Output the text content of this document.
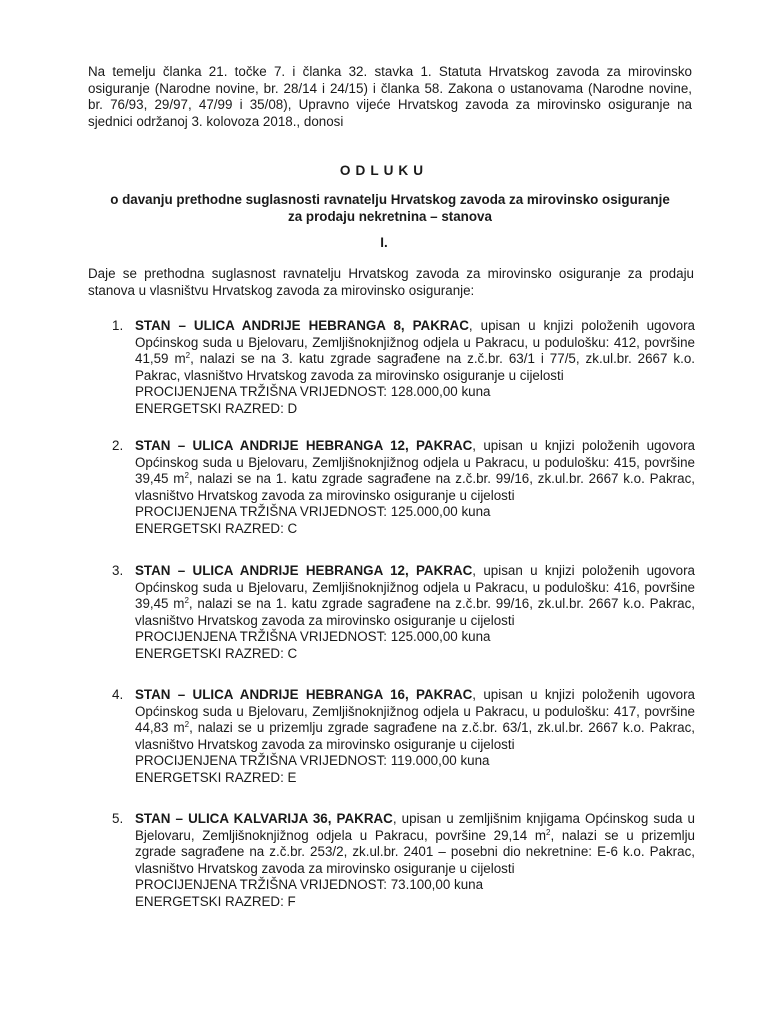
Na temelju članka 21. točke 7. i članka 32. stavka 1. Statuta Hrvatskog zavoda za mirovinsko osiguranje (Narodne novine, br. 28/14 i 24/15) i članka 58. Zakona o ustanovama (Narodne novine, br. 76/93, 29/97, 47/99 i 35/08), Upravno vijeće Hrvatskog zavoda za mirovinsko osiguranje na sjednici održanoj 3. kolovoza 2018., donosi
ODLUKU
o davanju prethodne suglasnosti ravnatelju Hrvatskog zavoda za mirovinsko osiguranje
za prodaju nekretnina – stanova
I.
Daje se prethodna suglasnost ravnatelju Hrvatskog zavoda za mirovinsko osiguranje za prodaju stanova u vlasništvu Hrvatskog zavoda za mirovinsko osiguranje:
1. STAN – ULICA ANDRIJE HEBRANGA 8, PAKRAC, upisan u knjizi položenih ugovora Općinskog suda u Bjelovaru, Zemljišnoknjižnog odjela u Pakracu, u podulošku: 412, površine 41,59 $m^2$, nalazi se na 3. katu zgrade sagrađene na z.č.br. 63/1 i 77/5, zk.ul.br. 2667 k.o. Pakrac, vlasništvo Hrvatskog zavoda za mirovinsko osiguranje u cijelosti
PROCIJENJENA TRŽIŠNA VRIJEDNOST: 128.000,00 kuna
ENERGETSKI RAZRED: D
2. STAN – ULICA ANDRIJE HEBRANGA 12, PAKRAC, upisan u knjizi položenih ugovora Općinskog suda u Bjelovaru, Zemljišnoknjižnog odjela u Pakracu, u podulošku: 415, površine 39,45 $m^2$, nalazi se na 1. katu zgrade sagrađene na z.č.br. 99/16, zk.ul.br. 2667 k.o. Pakrac, vlasništvo Hrvatskog zavoda za mirovinsko osiguranje u cijelosti
PROCIJENJENA TRŽIŠNA VRIJEDNOST: 125.000,00 kuna
ENERGETSKI RAZRED: C
3. STAN – ULICA ANDRIJE HEBRANGA 12, PAKRAC, upisan u knjizi položenih ugovora Općinskog suda u Bjelovaru, Zemljišnoknjižnog odjela u Pakracu, u podulošku: 416, površine 39,45 $m^2$, nalazi se na 1. katu zgrade sagrađene na z.č.br. 99/16, zk.ul.br. 2667 k.o. Pakrac, vlasništvo Hrvatskog zavoda za mirovinsko osiguranje u cijelosti
PROCIJENJENA TRŽIŠNA VRIJEDNOST: 125.000,00 kuna
ENERGETSKI RAZRED: C
4. STAN – ULICA ANDRIJE HEBRANGA 16, PAKRAC, upisan u knjizi položenih ugovora Općinskog suda u Bjelovaru, Zemljišnoknjižnog odjela u Pakracu, u podulošku: 417, površine 44,83 $m^2$, nalazi se u prizemlju zgrade sagrađene na z.č.br. 63/1, zk.ul.br. 2667 k.o. Pakrac, vlasništvo Hrvatskog zavoda za mirovinsko osiguranje u cijelosti
PROCIJENJENA TRŽIŠNA VRIJEDNOST: 119.000,00 kuna
ENERGETSKI RAZRED: E
5. STAN – ULICA KALVARIJA 36, PAKRAC, upisan u zemljišnim knjigama Općinskog suda u Bjelovaru, Zemljišnoknjižnog odjela u Pakracu, površine 29,14 $m^2$, nalazi se u prizemlju zgrade sagrađene na z.č.br. 253/2, zk.ul.br. 2401 – posebni dio nekretnine: E-6 k.o. Pakrac, vlasništvo Hrvatskog zavoda za mirovinsko osiguranje u cijelosti
PROCIJENJENA TRŽIŠNA VRIJEDNOST: 73.100,00 kuna
ENERGETSKI RAZRED: F
